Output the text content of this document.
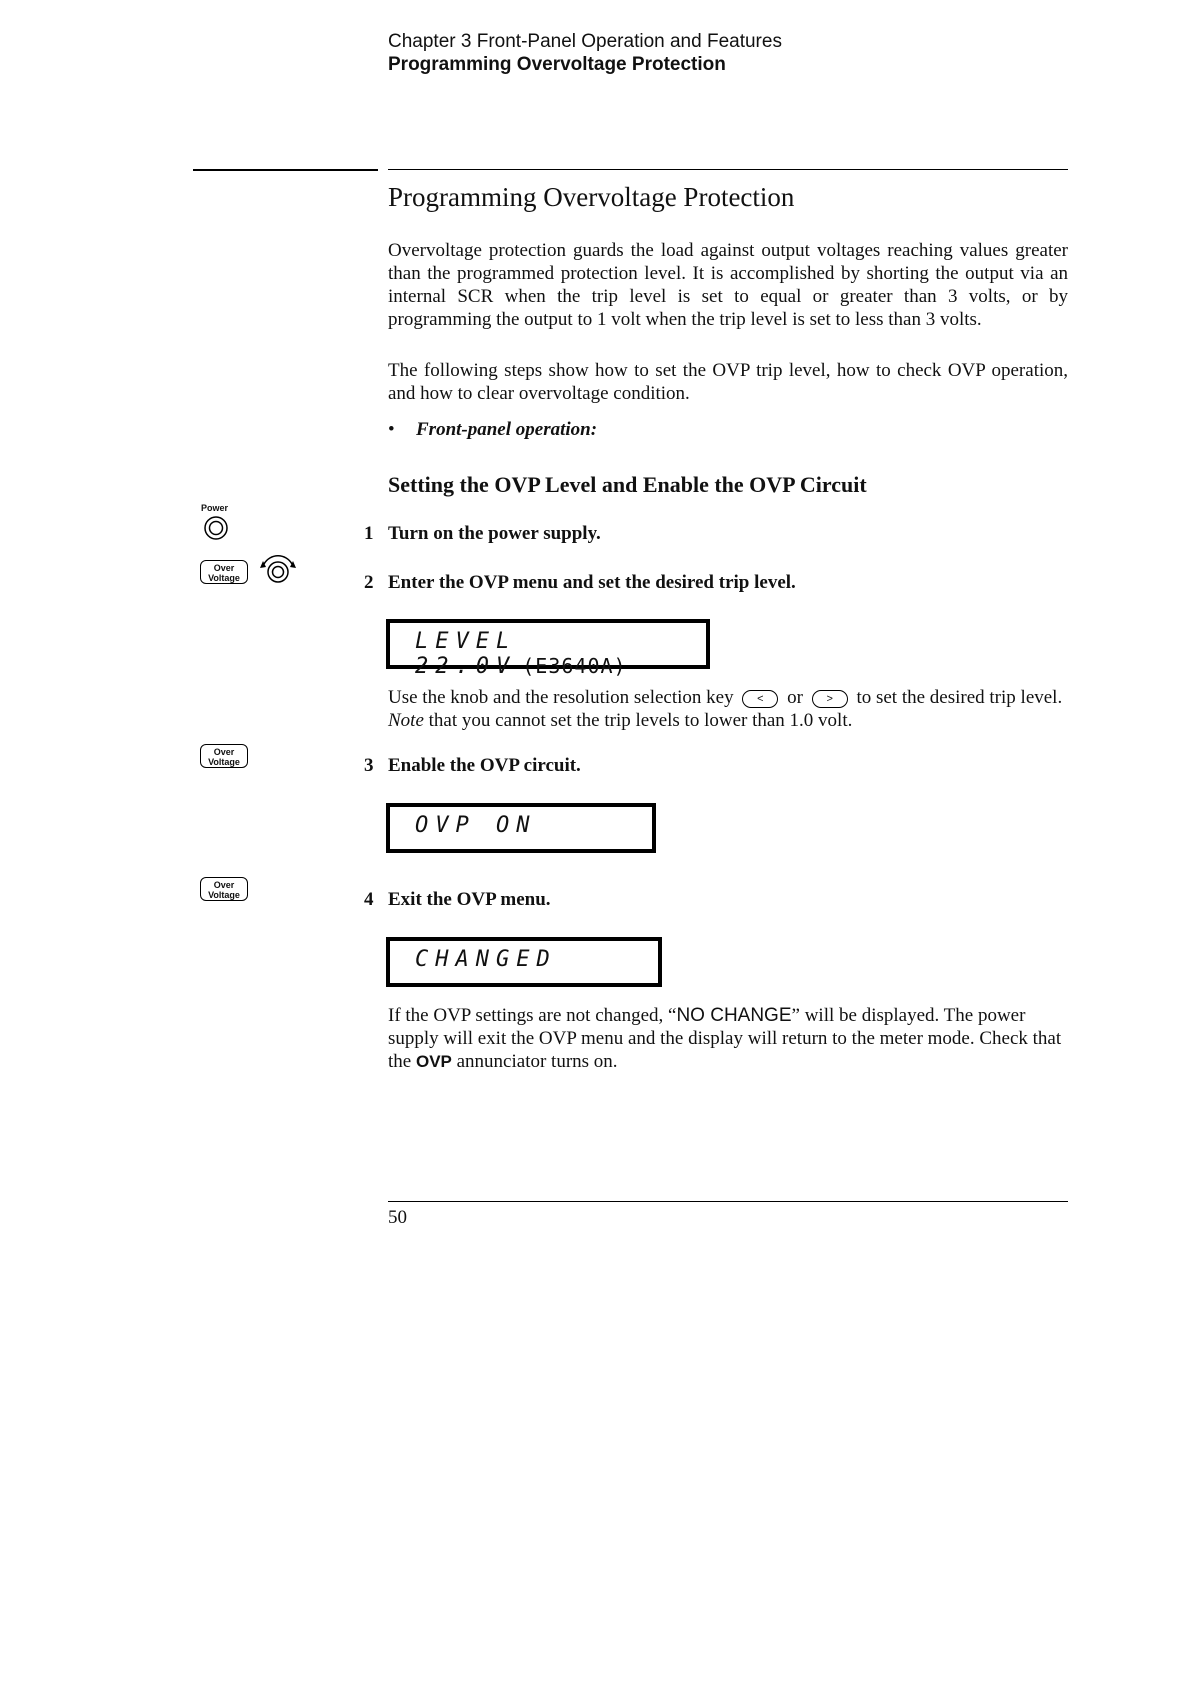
Chapter 3 Front-Panel Operation and Features
Programming Overvoltage Protection
Programming Overvoltage Protection
Overvoltage protection guards the load against output voltages reaching values greater than the programmed protection level. It is accomplished by shorting the output via an internal SCR when the trip level is set to equal or greater than 3 volts, or by programming the output to 1 volt when the trip level is set to less than 3 volts.
The following steps show how to set the OVP trip level, how to check OVP operation, and how to clear overvoltage condition.
• Front-panel operation:
Setting the OVP Level and Enable the OVP Circuit
1 Turn on the power supply.
2 Enter the OVP menu and set the desired trip level.
LEVEL 22.0V (E3640A)
Use the knob and the resolution selection key < or > to set the desired trip level. Note that you cannot set the trip levels to lower than 1.0 volt.
3 Enable the OVP circuit.
OVP ON
4 Exit the OVP menu.
CHANGED
If the OVP settings are not changed, “NO CHANGE” will be displayed. The power supply will exit the OVP menu and the display will return to the meter mode. Check that the OVP annunciator turns on.
50
Power
Over
Voltage
Over
Voltage
Over
Voltage
